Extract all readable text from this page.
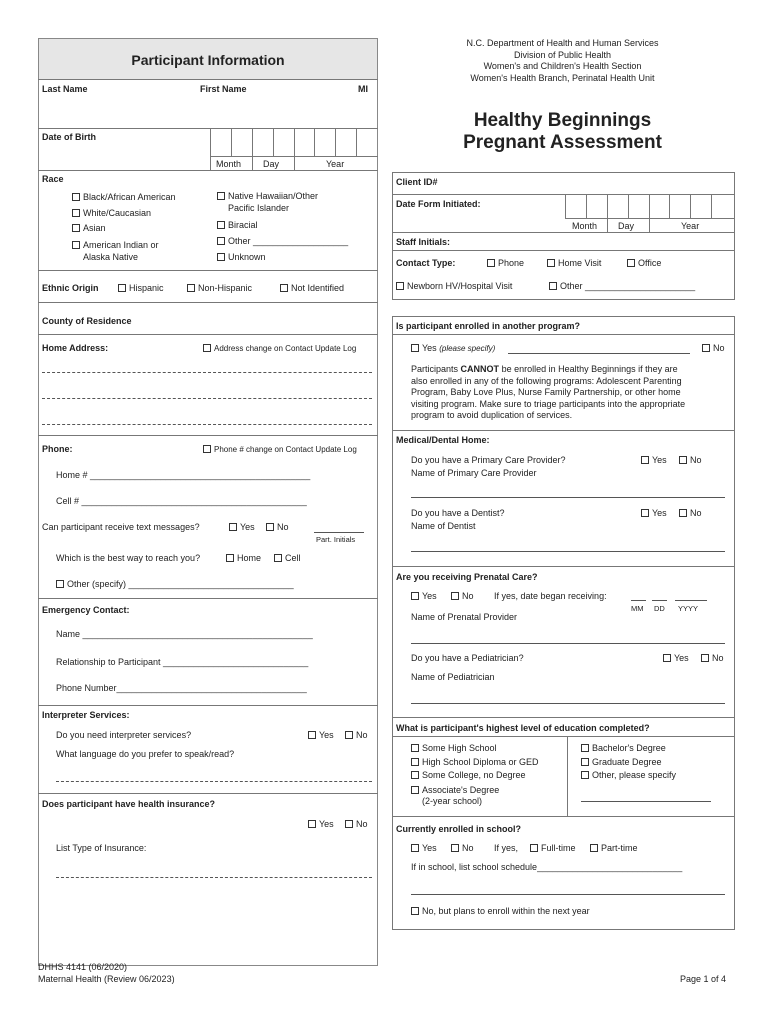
N.C. Department of Health and Human Services
Division of Public Health
Women's and Children's Health Section
Women's Health Branch, Perinatal Health Unit
Healthy Beginnings
Pregnant Assessment
Participant Information
Last Name	First Name	MI
Date of Birth
Month Day	Year
Race
Black/African American
White/Caucasian
Asian
American Indian or
Alaska Native
Native Hawaiian/Other
Pacific Islander
Biracial
Other ___________________
Unknown
Ethnic Origin	Hispanic	Non-Hispanic	Not Identified
County of Residence
Home Address:	Address change on Contact Update Log
Phone:	Phone # change on Contact Update Log
Home # ____________________________________________
Cell # _____________________________________________
Can participant receive text messages?	Yes	No
Part. Initials
Which is the best way to reach you?	Home	Cell
Other (specify) _________________________________
Emergency Contact:
Name ______________________________________________
Relationship to Participant _____________________________
Phone Number______________________________________
Interpreter Services:
Do you need interpreter services?	Yes	No
What language do you prefer to speak/read?
Does participant have health insurance?
Yes	No
List Type of Insurance:
Client ID#
Date Form Initiated:
Month Day	Year
Staff Initials:
Contact Type:	Phone	Home Visit	Office
Newborn HV/Hospital Visit	Other ______________________
Is participant enrolled in another program?
Yes (please specify)	No
Participants CANNOT be enrolled in Healthy Beginnings if they are
also enrolled in any of the following programs: Adolescent Parenting
Program, Baby Love Plus, Nurse Family Partnership, or other home
visiting program. Make sure to triage participants into the appropriate
program to avoid duplication of services.
Medical/Dental Home:
Do you have a Primary Care Provider?	Yes	No
Name of Primary Care Provider
Do you have a Dentist?	Yes	No
Name of Dentist
Are you receiving Prenatal Care?
Yes	No If yes, date began receiving:
MM DD YYYY
Name of Prenatal Provider
Do you have a Pediatrician?	Yes	No
Name of Pediatrician
What is participant's highest level of education completed?
Some High School
High School Diploma or GED
Some College, no Degree
Associate's Degree
(2-year school)
Bachelor's Degree
Graduate Degree
Other, please specify
Currently enrolled in school?
Yes	No If yes,	Full-time	Part-time
If in school, list school schedule_____________________________
No, but plans to enroll within the next year
DHHS 4141 (06/2020)
Maternal Health (Review 06/2023)	Page 1 of 4
